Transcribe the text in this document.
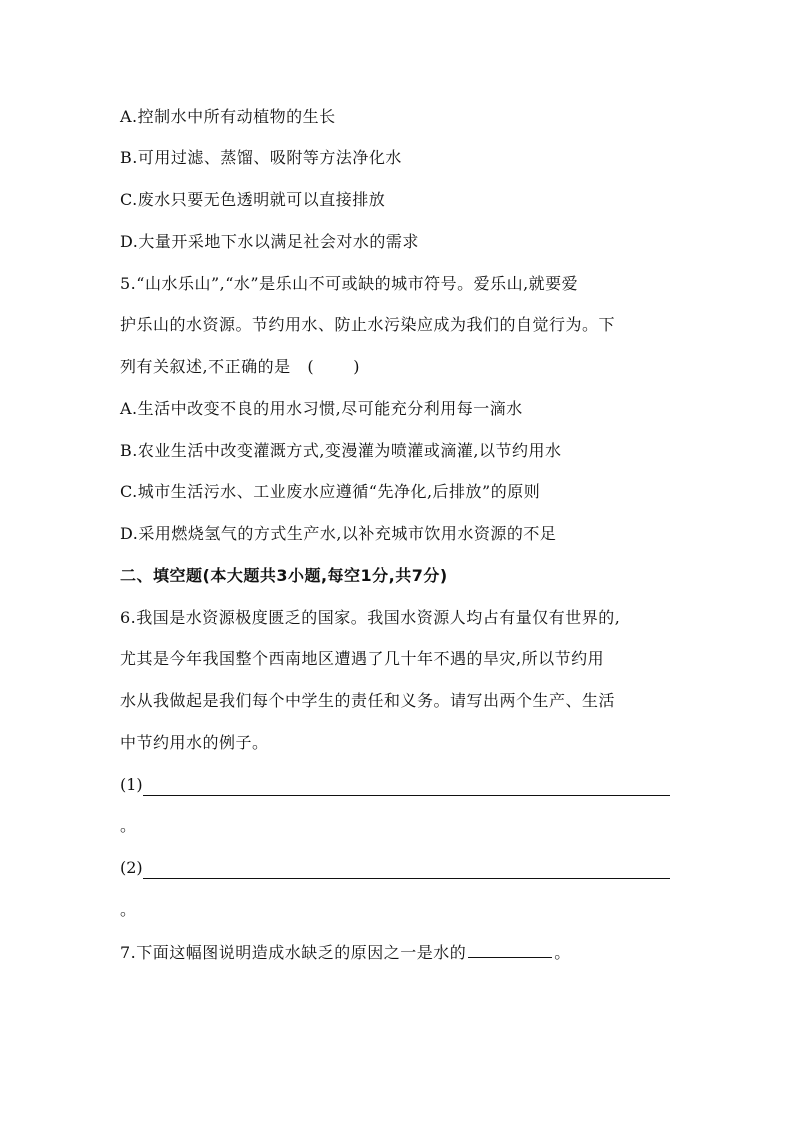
A.控制水中所有动植物的生长
B.可用过滤、蒸馏、吸附等方法净化水
C.废水只要无色透明就可以直接排放
D.大量开采地下水以满足社会对水的需求
5.“山水乐山”,“水”是乐山不可或缺的城市符号。爱乐山,就要爱
护乐山的水资源。节约用水、防止水污染应成为我们的自觉行为。下
列有关叙述,不正确的是   (       )
A.生活中改变不良的用水习惯,尽可能充分利用每一滴水
B.农业生活中改变灌溉方式,变漫灌为喷灌或滴灌,以节约用水
C.城市生活污水、工业废水应遵循“先净化,后排放”的原则
D.采用燃烧氢气的方式生产水,以补充城市饮用水资源的不足
二、填空题(本大题共3小题,每空1分,共7分)
6.我国是水资源极度匮乏的国家。我国水资源人均占有量仅有世界的,
尤其是今年我国整个西南地区遭遇了几十年不遇的旱灾,所以节约用
水从我做起是我们每个中学生的责任和义务。请写出两个生产、生活
中节约用水的例子。
(1)
。
(2)
。
7.下面这幅图说明造成水缺乏的原因之一是水的	。
